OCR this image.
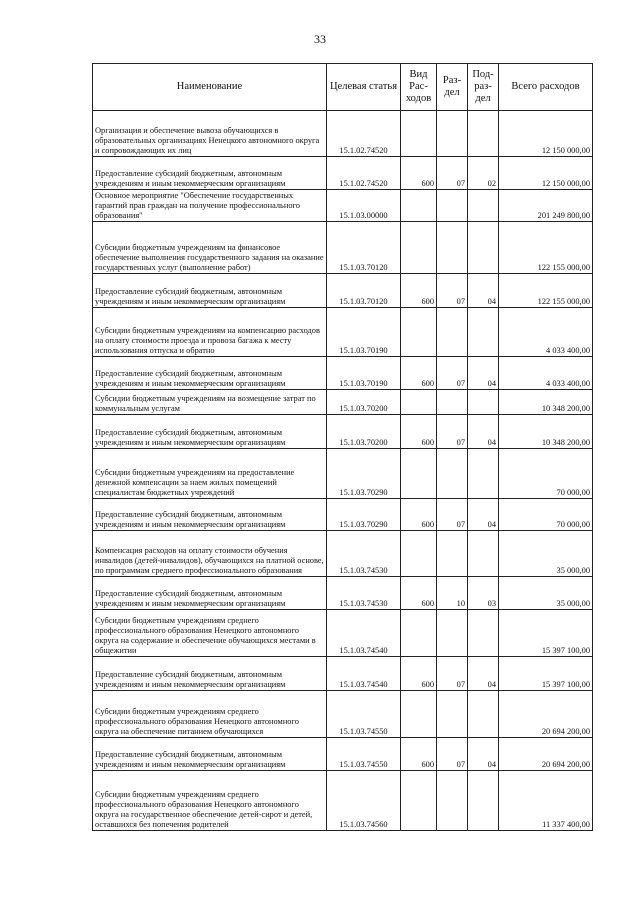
33
Наименование	Целевая статья	Вид Рас- ходов	Раз- дел	Под- раз- дел	Всего расходов
Организация и обеспечение вывоза обучающихся в образовательных организациях Ненецкого автономного округа и сопровождающих их лиц	15.1.02.74520				12 150 000,00
Предоставление субсидий бюджетным, автономным учреждениям и иным некоммерческим организациям	15.1.02.74520	600	07	02	12 150 000,00
Основное мероприятие "Обеспечение государственных гарантий прав граждан на получение профессионального образования"	15.1.03.00000				201 249 800,00
Субсидии бюджетным учреждениям на финансовое обеспечение выполнения государственного задания на оказание государственных услуг (выполнение работ)	15.1.03.70120				122 155 000,00
Предоставление субсидий бюджетным, автономным учреждениям и иным некоммерческим организациям	15.1.03.70120	600	07	04	122 155 000,00
Субсидии бюджетным учреждениям на компенсацию расходов на оплату стоимости проезда и провоза багажа к месту использования отпуска и обратно	15.1.03.70190				4 033 400,00
Предоставление субсидий бюджетным, автономным учреждениям и иным некоммерческим организациям	15.1.03.70190	600	07	04	4 033 400,00
Субсидии бюджетным учреждениям на возмещение затрат по коммунальным услугам	15.1.03.70200				10 348 200,00
Предоставление субсидий бюджетным, автономным учреждениям и иным некоммерческим организациям	15.1.03.70200	600	07	04	10 348 200,00
Субсидии бюджетным учреждениям на предоставление денежной компенсации за наем жилых помещений специалистам бюджетных учреждений	15.1.03.70290				70 000,00
Предоставление субсидий бюджетным, автономным учреждениям и иным некоммерческим организациям	15.1.03.70290	600	07	04	70 000,00
Компенсация расходов на оплату стоимости обучения инвалидов (детей-инвалидов), обучающихся на платной основе, по программам среднего профессионального образования	15.1.03.74530				35 000,00
Предоставление субсидий бюджетным, автономным учреждениям и иным некоммерческим организациям	15.1.03.74530	600	10	03	35 000,00
Субсидии бюджетным учреждениям среднего профессионального образования Ненецкого автономного округа на содержание и обеспечение обучающихся местами в общежитии	15.1.03.74540				15 397 100,00
Предоставление субсидий бюджетным, автономным учреждениям и иным некоммерческим организациям	15.1.03.74540	600	07	04	15 397 100,00
Субсидии бюджетным учреждениям среднего профессионального образования Ненецкого автономного округа на обеспечение питанием обучающихся	15.1.03.74550				20 694 200,00
Предоставление субсидий бюджетным, автономным учреждениям и иным некоммерческим организациям	15.1.03.74550	600	07	04	20 694 200,00
Субсидии бюджетным учреждениям среднего профессионального образования Ненецкого автономного округа на государственное обеспечение детей-сирот и детей, оставшихся без попечения родителей	15.1.03.74560				11 337 400,00
